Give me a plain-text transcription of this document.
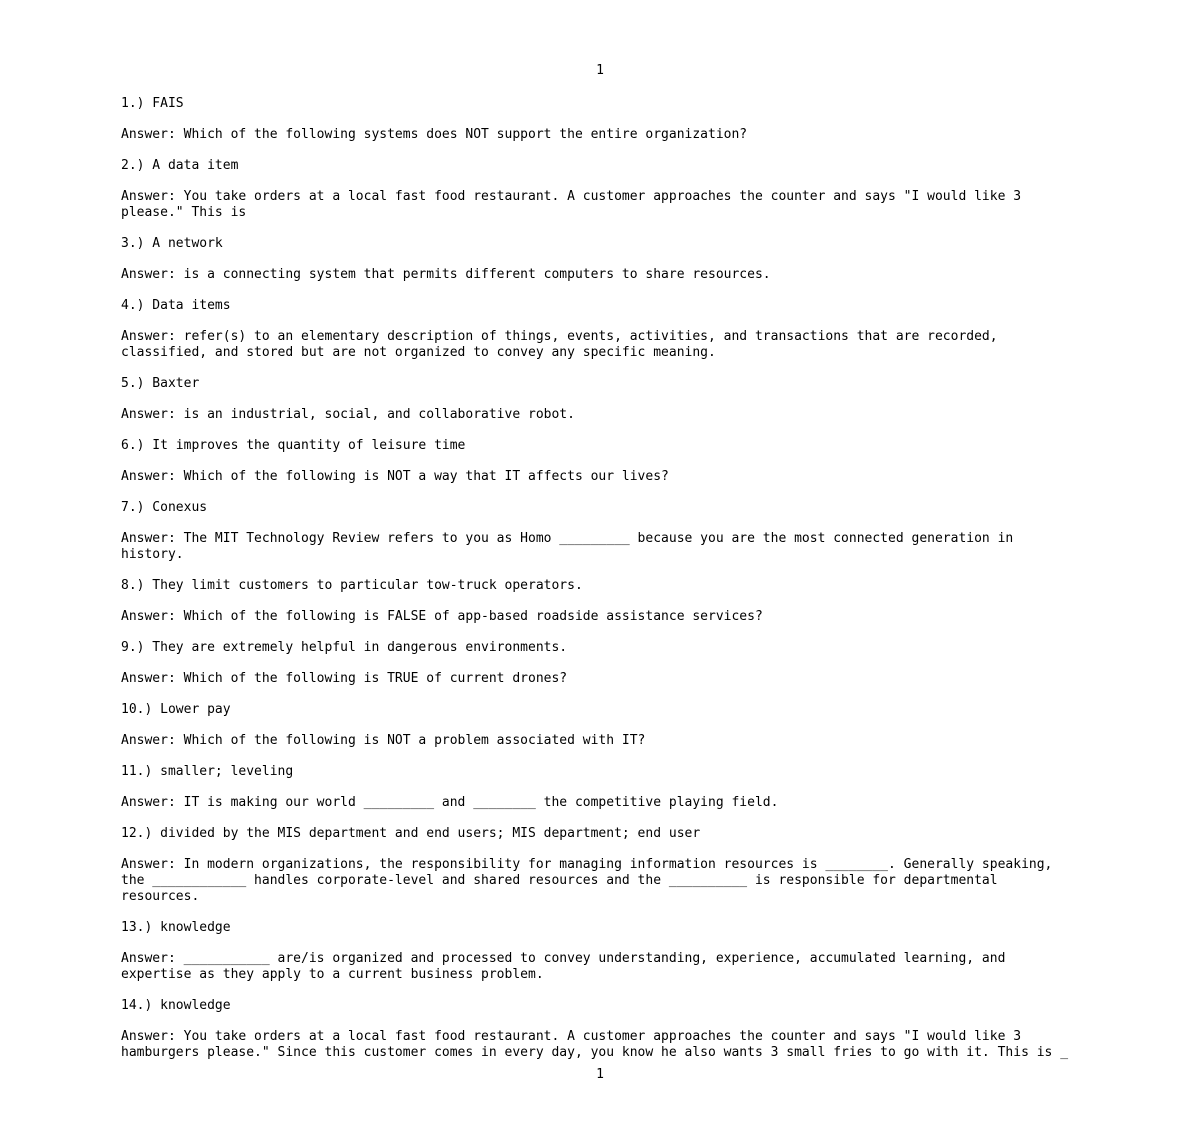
1

1.) FAIS

Answer: Which of the following systems does NOT support the entire organization?

2.) A data item

Answer: You take orders at a local fast food restaurant. A customer approaches the counter and says "I would like 3 please." This is

3.) A network

Answer: is a connecting system that permits different computers to share resources.

4.) Data items

Answer: refer(s) to an elementary description of things, events, activities, and transactions that are recorded, classified, and stored but are not organized to convey any specific meaning.

5.) Baxter

Answer: is an industrial, social, and collaborative robot.

6.) It improves the quantity of leisure time

Answer: Which of the following is NOT a way that IT affects our lives?

7.) Conexus

Answer: The MIT Technology Review refers to you as Homo _________ because you are the most connected generation in history.

8.) They limit customers to particular tow-truck operators.

Answer: Which of the following is FALSE of app-based roadside assistance services?

9.) They are extremely helpful in dangerous environments.

Answer: Which of the following is TRUE of current drones?

10.) Lower pay

Answer: Which of the following is NOT a problem associated with IT?

11.) smaller; leveling

Answer: IT is making our world _________ and ________ the competitive playing field.

12.) divided by the MIS department and end users; MIS department; end user

Answer: In modern organizations, the responsibility for managing information resources is ________. Generally speaking, the ____________ handles corporate-level and shared resources and the __________ is responsible for departmental resources.

13.) knowledge

Answer: ___________ are/is organized and processed to convey understanding, experience, accumulated learning, and expertise as they apply to a current business problem.

14.) knowledge

Answer: You take orders at a local fast food restaurant. A customer approaches the counter and says "I would like 3 hamburgers please." Since this customer comes in every day, you know he also wants 3 small fries to go with it. This is _

1
